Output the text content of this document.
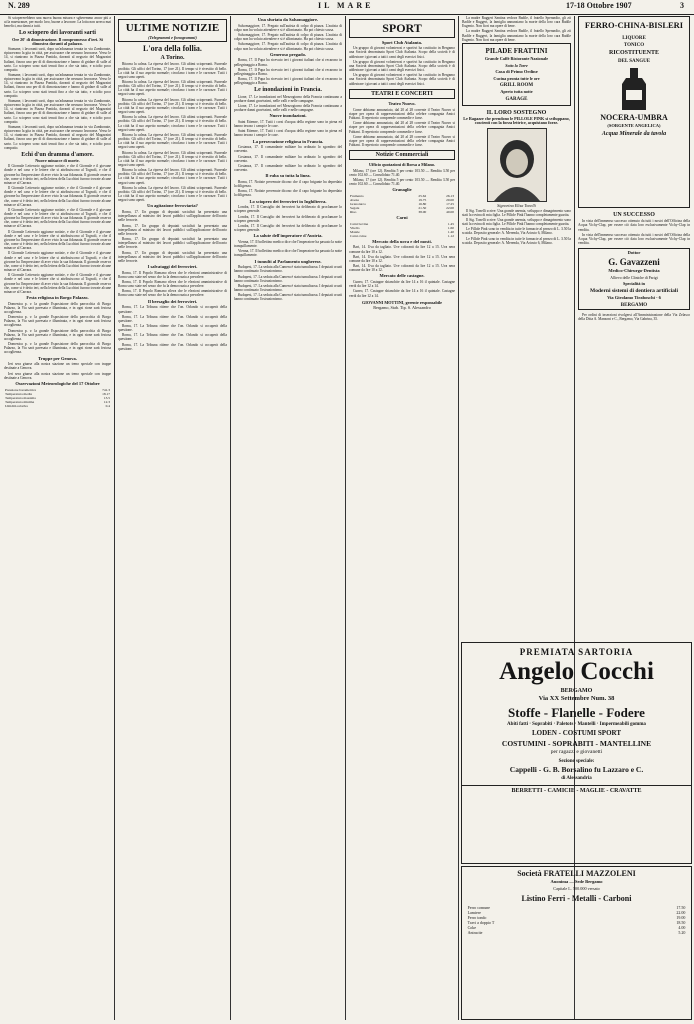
N. 289	IL MARE	17-18 Ottobre 1907	3

Si sciopererebbero una nuova buona misura e sgheremmo ancor più a ai la maestranze, per modo loro, buone a lavorare. La lotta non arreca mai benefici, ma danni a tutti.

Lo sciopero dei lavoranti sarti
Ore 20' di dimostrazione. Il compromesso d'ieri. Si dimostra davanti al palazzo.

Stamane, i lavoranti sarti, dopo un'adunanza tenuta in via Zambonate, ripiacevano la gita in città, per assicurare che nessuno lavorasse. Verso le 14, si riunirono in Piazza Pontida, davanti al negozio del Magazzini Italiani, finora uno per dì di dimostrazione e hanno di gridare dì sulle al sarto. Lo sciopero sono stati tenuti fino a che sia tutto, e sciolto poco compatto.

Stamane, i lavoranti sarti, dopo un'adunanza tenuta in via Zambonate, ripiacevano la gita in città, per assicurare che nessuno lavorasse. Verso le 14, si riunirono in Piazza Pontida, davanti al negozio del Magazzini Italiani, finora uno per dì di dimostrazione e hanno di gridare dì sulle al sarto. Lo sciopero sono stati tenuti fino a che sia tutto, e sciolto poco compatto.

Stamane, i lavoranti sarti, dopo un'adunanza tenuta in via Zambonate, ripiacevano la gita in città, per assicurare che nessuno lavorasse. Verso le 14, si riunirono in Piazza Pontida, davanti al negozio del Magazzini Italiani, finora uno per dì di dimostrazione e hanno di gridare dì sulle al sarto. Lo sciopero sono stati tenuti fino a che sia tutto, e sciolto poco compatto.

Stamane, i lavoranti sarti, dopo un'adunanza tenuta in via Zambonate, ripiacevano la gita in città, per assicurare che nessuno lavorasse. Verso le 14, si riunirono in Piazza Pontida, davanti al negozio del Magazzini Italiani, finora uno per dì di dimostrazione e hanno di gridare dì sulle al sarto. Lo sciopero sono stati tenuti fino a che sia tutto, e sciolto poco compatto.

Echi d'un dramma d'amore.
Nuove minacce di morte.

Il Giornale Letterario aggiunse notizie, e che il Giornale e il giovane donde e nel caso e le lettere che si attribuiscono al Tognoli, e che il giovane ha l'impressione di aver visto la sua fidanzata. Il giornale osserva che, come si è detto ieri, nella lettera della Lucchini furono trovate alcune minacce al Carrara.

Il Giornale Letterario aggiunse notizie, e che il Giornale e il giovane donde e nel caso e le lettere che si attribuiscono al Tognoli, e che il giovane ha l'impressione di aver visto la sua fidanzata. Il giornale osserva che, come si è detto ieri, nella lettera della Lucchini furono trovate alcune minacce al Carrara.

Il Giornale Letterario aggiunse notizie, e che il Giornale e il giovane donde e nel caso e le lettere che si attribuiscono al Tognoli, e che il giovane ha l'impressione di aver visto la sua fidanzata. Il giornale osserva che, come si è detto ieri, nella lettera della Lucchini furono trovate alcune minacce al Carrara.

Il Giornale Letterario aggiunse notizie, e che il Giornale e il giovane donde e nel caso e le lettere che si attribuiscono al Tognoli, e che il giovane ha l'impressione di aver visto la sua fidanzata. Il giornale osserva che, come si è detto ieri, nella lettera della Lucchini furono trovate alcune minacce al Carrara.

Il Giornale Letterario aggiunse notizie, e che il Giornale e il giovane donde e nel caso e le lettere che si attribuiscono al Tognoli, e che il giovane ha l'impressione di aver visto la sua fidanzata. Il giornale osserva che, come si è detto ieri, nella lettera della Lucchini furono trovate alcune minacce al Carrara.

Il Giornale Letterario aggiunse notizie, e che il Giornale e il giovane donde e nel caso e le lettere che si attribuiscono al Tognoli, e che il giovane ha l'impressione di aver visto la sua fidanzata. Il giornale osserva che, come si è detto ieri, nella lettera della Lucchini furono trovate alcune minacce al Carrara.

Festa religiosa in Borgo Palazzo.

Domenica p. v. la grande Esposizione della parrocchia di Borgo Palazzo, la Via sarà pavesata e illuminata, e in ogni rione sarà festosa accoglienza.

Domenica p. v. la grande Esposizione della parrocchia di Borgo Palazzo, la Via sarà pavesata e illuminata, e in ogni rione sarà festosa accoglienza.

Domenica p. v. la grande Esposizione della parrocchia di Borgo Palazzo, la Via sarà pavesata e illuminata, e in ogni rione sarà festosa accoglienza.

Domenica p. v. la grande Esposizione della parrocchia di Borgo Palazzo, la Via sarà pavesata e illuminata, e in ogni rione sarà festosa accoglienza.

Truppe per Genova.

Ieri sera giunse alla nostra stazione un treno speciale con truppe destinate a Genova.

Ieri sera giunse alla nostra stazione un treno speciale con truppe destinate a Genova.

Osservazioni Meteorologiche del 17 Ottobre
Pressione barometrica	741.3
Temperatura media	18.17
Temperatura massima	13.5
Temperatura minima	12.3
Umidità relativa	0.4
ULTIME NOTIZIE
(Telegrammi e fonogrammi)
L'ora della follia.
A Torino.

Ritorna la calma. La ripresa del lavoro. Gli ultimi scioperanti. Funerale proibito. Gli uffici del Torino, 17 (ore 21). Il tempo si è rivestito di bello. La città ha il suo aspetto normale; circolano i tram e le carrozze. Tutti i negozi sono aperti.

Ritorna la calma. La ripresa del lavoro. Gli ultimi scioperanti. Funerale proibito. Gli uffici del Torino, 17 (ore 21). Il tempo si è rivestito di bello. La città ha il suo aspetto normale; circolano i tram e le carrozze. Tutti i negozi sono aperti.

Ritorna la calma. La ripresa del lavoro. Gli ultimi scioperanti. Funerale proibito. Gli uffici del Torino, 17 (ore 21). Il tempo si è rivestito di bello. La città ha il suo aspetto normale; circolano i tram e le carrozze. Tutti i negozi sono aperti.

Ritorna la calma. La ripresa del lavoro. Gli ultimi scioperanti. Funerale proibito. Gli uffici del Torino, 17 (ore 21). Il tempo si è rivestito di bello. La città ha il suo aspetto normale; circolano i tram e le carrozze. Tutti i negozi sono aperti.

Ritorna la calma. La ripresa del lavoro. Gli ultimi scioperanti. Funerale proibito. Gli uffici del Torino, 17 (ore 21). Il tempo si è rivestito di bello. La città ha il suo aspetto normale; circolano i tram e le carrozze. Tutti i negozi sono aperti.

Ritorna la calma. La ripresa del lavoro. Gli ultimi scioperanti. Funerale proibito. Gli uffici del Torino, 17 (ore 21). Il tempo si è rivestito di bello. La città ha il suo aspetto normale; circolano i tram e le carrozze. Tutti i negozi sono aperti.

Ritorna la calma. La ripresa del lavoro. Gli ultimi scioperanti. Funerale proibito. Gli uffici del Torino, 17 (ore 21). Il tempo si è rivestito di bello. La città ha il suo aspetto normale; circolano i tram e le carrozze. Tutti i negozi sono aperti.

Ritorna la calma. La ripresa del lavoro. Gli ultimi scioperanti. Funerale proibito. Gli uffici del Torino, 17 (ore 21). Il tempo si è rivestito di bello. La città ha il suo aspetto normale; circolano i tram e le carrozze. Tutti i negozi sono aperti.

Un agitazione ferroviaria?

Roma, 17. Un gruppo di deputati socialisti ha presentato una interpellanza al ministro dei lavori pubblici sull'applicazione dell'orario nelle ferrovie.

Roma, 17. Un gruppo di deputati socialisti ha presentato una interpellanza al ministro dei lavori pubblici sull'applicazione dell'orario nelle ferrovie.

Roma, 17. Un gruppo di deputati socialisti ha presentato una interpellanza al ministro dei lavori pubblici sull'applicazione dell'orario nelle ferrovie.

Roma, 17. Un gruppo di deputati socialisti ha presentato una interpellanza al ministro dei lavori pubblici sull'applicazione dell'orario nelle ferrovie.

I salvataggi del ferrovieri.

Roma, 17. Il Popolo Romano rileva che le elezioni amministrative di Roma sono state nel senso che fu la democrazia a prevalere.

Roma, 17. Il Popolo Romano rileva che le elezioni amministrative di Roma sono state nel senso che fu la democrazia a prevalere.

Roma, 17. Il Popolo Romano rileva che le elezioni amministrative di Roma sono state nel senso che fu la democrazia a prevalere.

Il bersaglio dei ferrovieri.

Roma, 17. La Tribuna ritiene che l'on. Orlando si occuperà della questione.

Roma, 17. La Tribuna ritiene che l'on. Orlando si occuperà della questione.

Roma, 17. La Tribuna ritiene che l'on. Orlando si occuperà della questione.

Roma, 17. La Tribuna ritiene che l'on. Orlando si occuperà della questione.

Roma, 17. La Tribuna ritiene che l'on. Orlando si occuperà della questione.

Una sfuriata da Salsomaggiore.

Salsomaggiore, 17. Pregato sull'autista di colpo di piazza. L'autista di colpo non ha voluto attendere e si è allontanato. Ha poi chiesto scusa.

Salsomaggiore, 17. Pregato sull'autista di colpo di piazza. L'autista di colpo non ha voluto attendere e si è allontanato. Ha poi chiesto scusa.

Salsomaggiore, 17. Pregato sull'autista di colpo di piazza. L'autista di colpo non ha voluto attendere e si è allontanato. Ha poi chiesto scusa.

Generoso pregado.

Roma, 17. Il Papa ha ricevuto ieri i giovani italiani che si recarono in pellegrinaggio a Roma.

Roma, 17. Il Papa ha ricevuto ieri i giovani italiani che si recarono in pellegrinaggio a Roma.

Roma, 17. Il Papa ha ricevuto ieri i giovani italiani che si recarono in pellegrinaggio a Roma.

Le inondazioni in Francia.

Lione, 17. Le inondazioni nel Mezzogiorno della Francia continuano a produrre danni gravissimi, nelle valli e nelle campagne.

Lione, 17. Le inondazioni nel Mezzogiorno della Francia continuano a produrre danni gravissimi, nelle valli e nelle campagne.

Nuove inondazioni.

Saint Etienne, 17. Tutti i corsi d'acqua della regione sono in piena ed hanno invaso i campi e le case.

Saint Etienne, 17. Tutti i corsi d'acqua della regione sono in piena ed hanno invaso i campi e le case.

La persecuzione religiosa in Francia.

Costanza, 17. Il comandante militare ha ordinato lo sgombro del convento.

Costanza, 17. Il comandante militare ha ordinato lo sgombro del convento.

Costanza, 17. Il comandante militare ha ordinato lo sgombro del convento.

Il ruba su tutta la linea.

Roma, 17. Notizie pervenute dicono che il capo brigante ha depredato la diligenza.

Roma, 17. Notizie pervenute dicono che il capo brigante ha depredato la diligenza.

Lo sciopero dei ferrovieri in Inghilterra.

Londra, 17. Il Consiglio dei ferrovieri ha deliberato di proclamare lo sciopero generale.

Londra, 17. Il Consiglio dei ferrovieri ha deliberato di proclamare lo sciopero generale.

Londra, 17. Il Consiglio dei ferrovieri ha deliberato di proclamare lo sciopero generale.

La salute dell'imperatore d'Austria.

Vienna, 17. Il bollettino medico dice che l'imperatore ha passato la notte tranquillamente.

Vienna, 17. Il bollettino medico dice che l'imperatore ha passato la notte tranquillamente.

I tumulti al Parlamento ungherese.

Budapest, 17. La seduta alla Camera è stata tumultuosa. I deputati croati hanno continuato l'ostruzionismo.

Budapest, 17. La seduta alla Camera è stata tumultuosa. I deputati croati hanno continuato l'ostruzionismo.

Budapest, 17. La seduta alla Camera è stata tumultuosa. I deputati croati hanno continuato l'ostruzionismo.

Budapest, 17. La seduta alla Camera è stata tumultuosa. I deputati croati hanno continuato l'ostruzionismo.

SPORT
Sport Club Atalanta.

Un gruppo di giovani volonterosi e sportivi ha costituito in Bergamo una Società denominata Sport Club Atalanta. Scopo della società è di addestrare i giovani a tutti i rami degli esercizi fisici.

Un gruppo di giovani volonterosi e sportivi ha costituito in Bergamo una Società denominata Sport Club Atalanta. Scopo della società è di addestrare i giovani a tutti i rami degli esercizi fisici.

Un gruppo di giovani volonterosi e sportivi ha costituito in Bergamo una Società denominata Sport Club Atalanta. Scopo della società è di addestrare i giovani a tutti i rami degli esercizi fisici.

TEATRI E CONCERTI
Teatro Nuovo.

Come abbiamo annunziato, dal 20 al 28 corrente il Teatro Nuovo si riapre per opera di rappresentazioni della celebre compagnia Amici Fabiani. Il repertorio comprende commedie e farse.

Come abbiamo annunziato, dal 20 al 28 corrente il Teatro Nuovo si riapre per opera di rappresentazioni della celebre compagnia Amici Fabiani. Il repertorio comprende commedie e farse.

Come abbiamo annunziato, dal 20 al 28 corrente il Teatro Nuovo si riapre per opera di rappresentazioni della celebre compagnia Amici Fabiani. Il repertorio comprende commedie e farse.

Notizie Commerciali
Ufficio quotazioni di Borsa a Milano.

Milano, 17 (ore 12). Rendita 5 per cento 103.50 — Rendita 3.50 per cento 102.60 — Consolidato 71.40.

Milano, 17 (ore 12). Rendita 5 per cento 103.50 — Rendita 3.50 per cento 102.60 — Consolidato 71.40.

Granaglie
Frumento	25.62	26.13
Avena	19.75	20.00
Granoturco	16.80	17.25
Segale	21.50	22.00
Riso	38.00	40.00
Carni
Carni bovine	1.45
Vitello	1.60
Maiale	1.40
Carni ovine	1.12
Mercato della uova e del mosti.

Bari, 14. Uva da tagliato. Uve coloranti da lire 12 a 15. Uva nera comune da lire 10 a 12.

Bari, 14. Uva da tagliato. Uve coloranti da lire 12 a 15. Uva nera comune da lire 10 a 12.

Bari, 14. Uva da tagliato. Uve coloranti da lire 12 a 15. Uva nera comune da lire 10 a 12.

Mercato delle castagne.

Cuneo, 17. Castagne sbianchite da lire 14 a 16 il quintale. Castagne verdi da lire 12 a 14.

Cuneo, 17. Castagne sbianchite da lire 14 a 16 il quintale. Castagne verdi da lire 12 a 14.

GIOVANNI MOTTINI, gerente responsabile
Bergamo, Stab. Tip. S. Alessandro

La madre Ruggeri Santina vedova Badile, il fratello Sperandio, gli zii Badile e Ruggeri, la famiglia annunziano la morte della loro cara Badile Eugenio. Non fiori ma opere di bene.

La madre Ruggeri Santina vedova Badile, il fratello Sperandio, gli zii Badile e Ruggeri, la famiglia annunziano la morte della loro cara Badile Eugenio. Non fiori ma opere di bene.

PILADE FRATTINI
Grande Caffè Ristorante Nazionale
Sotto la Torre
Casa di Primo Ordine
Cucina pronta tutte le ore
GRILL ROOM
Aperto tutta notte
GARAGE
IL LORO SOSTEGNO
Le Ragazze che prendono le PILLOLE PINK si sviluppano, coscienti con la forza lettrice, acquistano forze.
Signorina Elisa Tonelli

Il Sig. Tonelli scrive: Una grande anemia, sviluppo e dimagrimento sono stati la rovina di mia figlia. Le Pillole Pink l'hanno completamente guarita.

Il Sig. Tonelli scrive: Una grande anemia, sviluppo e dimagrimento sono stati la rovina di mia figlia. Le Pillole Pink l'hanno completamente guarita.

Le Pillole Pink sono in vendita in tutte le farmacie al prezzo di L. 3.50 la scatola. Deposito generale: A. Merenda, Via Ariosto 6, Milano.

Le Pillole Pink sono in vendita in tutte le farmacie al prezzo di L. 3.50 la scatola. Deposito generale: A. Merenda, Via Ariosto 6, Milano.

FERRO-CHINA-BISLERI
LIQUORE
TONICO
RICOSTITUENTE
DEL SANGUE
NOCERA-UMBRA
(SORGENTE ANGELICA)
Acqua Minerale da tavola
UN SUCCESSO

In vista dell'immenso successo ottenuto da tutti i nostri dell'Officina della Acqua Vichy-Clap, per essere ciò data loro esclusivamente Vichy-Clap in vendita.

In vista dell'immenso successo ottenuto da tutti i nostri dell'Officina della Acqua Vichy-Clap, per essere ciò data loro esclusivamente Vichy-Clap in vendita.

Dottor
G. Gavazzeni
Medico-Chirurgo-Dentista
Allievo delle Cliniche di Parigi
Specialità in
Moderni sistemi di dentiera artificiali
Via Girolamo Tiraboschi - 6
BERGAMO

Per ordini di inserzioni rivolgersi all'Amministrazione della Via Zelasco della Ditta A. Manzoni e C., Bergamo, Via Gabrina, 35.

PREMIATA SARTORIA
Angelo Cocchi
BERGAMO
Via XX Settembre Num. 38
Stoffe - Flanelle - Fodere
Abiti fatti · Soprabiti · Paletots · Mantelli · Impermeabili gomma
LODEN - COSTUMI SPORT
COSTUMINI - SOPRABITI - MANTELLINE
per ragazzi e giovanetti
Sezione speciale:
Cappelli - G. B. Borsalino fu Lazzaro e C.
di Alessandria
BERRETTI - CAMICIE - MAGLIE - CRAVATTE
Società FRATELLI MAZZOLENI
Anonima — Sede Bergamo
Capitale L. 500.000 versato
Listino Ferri - Metalli - Carboni
Ferro comune	17.50
Lamiere	22.00
Ferro tondo	19.00
Travi a doppio T	18.50
Coke	4.00
Antracite	5.20
